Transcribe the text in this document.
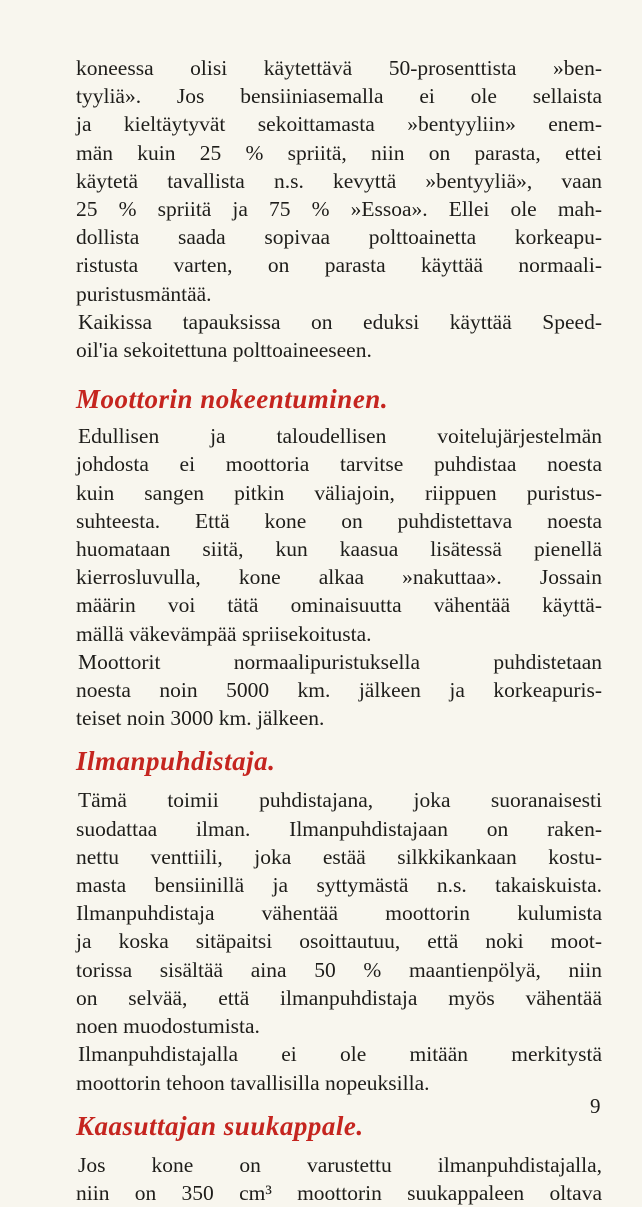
koneessa olisi käytettävä 50-prosenttista »ben-
tyyliä». Jos bensiiniasemalla ei ole sellaista
ja kieltäytyvät sekoittamasta »bentyyliin» enem-
män kuin 25 % spriitä, niin on parasta, ettei
käytetä tavallista n.s. kevyttä »bentyyliä», vaan
25 % spriitä ja 75 % »Essoa». Ellei ole mah-
dollista saada sopivaa polttoainetta korkeapu-
ristusta varten, on parasta käyttää normaali-
puristusmäntää.

Kaikissa tapauksissa on eduksi käyttää Speed-
oil'ia sekoitettuna polttoaineeseen.

Moottorin nokeentuminen.

Edullisen ja taloudellisen voitelujärjestelmän
johdosta ei moottoria tarvitse puhdistaa noesta
kuin sangen pitkin väliajoin, riippuen puristus-
suhteesta. Että kone on puhdistettava noesta
huomataan siitä, kun kaasua lisätessä pienellä
kierrosluvulla, kone alkaa »nakuttaa». Jossain
määrin voi tätä ominaisuutta vähentää käyttä-
mällä väkevämpää spriisekoitusta.

Moottorit normaalipuristuksella puhdistetaan
noesta noin 5000 km. jälkeen ja korkeapuris-
teiset noin 3000 km. jälkeen.

Ilmanpuhdistaja.

Tämä toimii puhdistajana, joka suoranaisesti
suodattaa ilman. Ilmanpuhdistajaan on raken-
nettu venttiili, joka estää silkkikankaan kostu-
masta bensiinillä ja syttymästä n.s. takaiskuista.
Ilmanpuhdistaja vähentää moottorin kulumista
ja koska sitäpaitsi osoittautuu, että noki moot-
torissa sisältää aina 50 % maantienpölyä, niin
on selvää, että ilmanpuhdistaja myös vähentää
noen muodostumista.

Ilmanpuhdistajalla ei ole mitään merkitystä
moottorin tehoon tavallisilla nopeuksilla.

Kaasuttajan suukappale.

Jos kone on varustettu ilmanpuhdistajalla,
niin on 350 cm³ moottorin suukappaleen oltava

9
